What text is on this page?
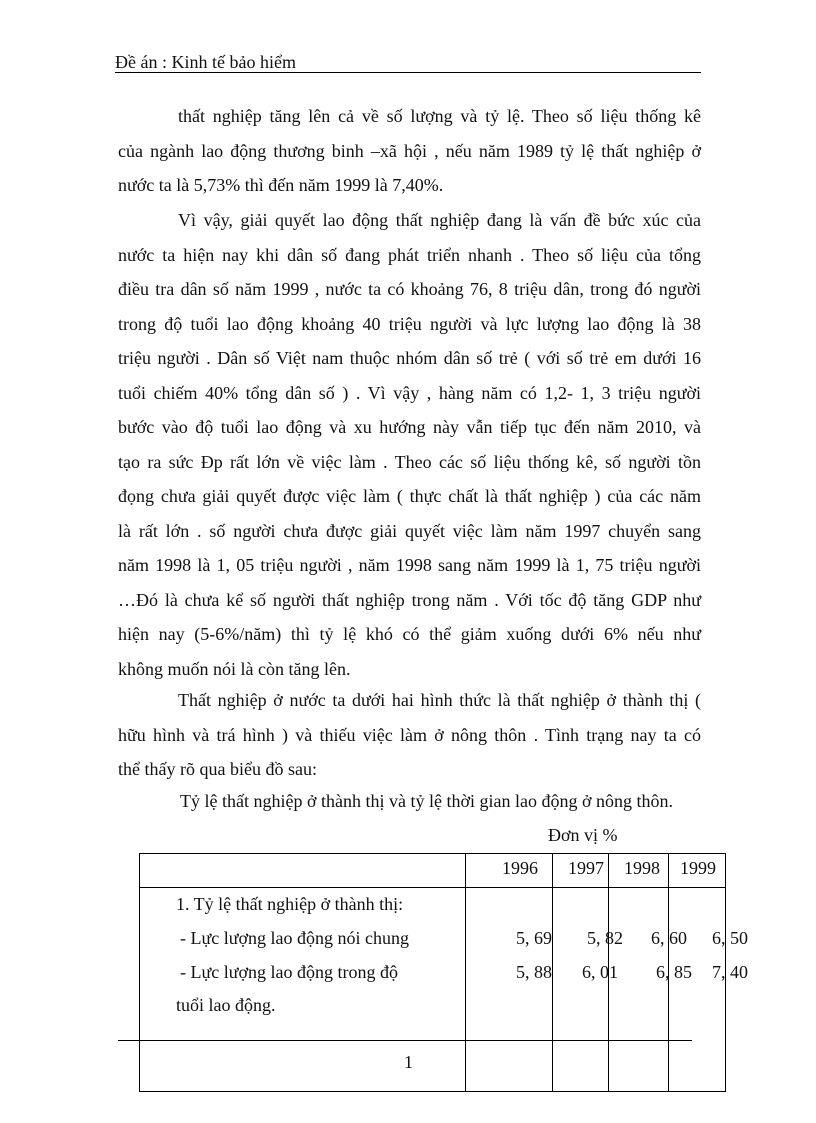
Đề án : Kinh tế bảo hiểm
thất nghiệp tăng lên cả về số lượng và tỷ lệ. Theo số liệu thống kê
của ngành lao động thương binh –xã hội , nếu năm 1989 tỷ lệ thất nghiệp ở
nước ta là 5,73% thì đến năm 1999 là 7,40%.
Vì vậy, giải quyết lao động thất nghiệp đang là vấn đề bức xúc của
nước ta hiện nay khi dân số đang phát triển nhanh . Theo số liệu của tổng
điều tra dân số năm 1999 , nước ta có khoảng 76, 8 triệu dân, trong đó người
trong độ tuổi lao động khoảng 40 triệu người và lực lượng lao động là 38
triệu người . Dân số Việt nam thuộc nhóm dân số trẻ ( với số trẻ em dưới 16
tuổi chiếm 40% tổng dân số ) . Vì vậy , hàng năm có 1,2- 1, 3 triệu người
bước vào độ tuổi lao động và xu hướng này vẫn tiếp tục đến năm 2010, và
tạo ra sức Đp rất lớn về việc làm . Theo các số liệu thống kê, số người tồn
đọng chưa giải quyết được việc làm ( thực chất là thất nghiệp ) của các năm
là rất lớn . số người chưa được giải quyết việc làm năm 1997 chuyển sang
năm 1998 là 1, 05 triệu người , năm 1998 sang năm 1999 là 1, 75 triệu người
…Đó là chưa kể số người thất nghiệp trong năm . Với tốc độ tăng GDP như
hiện nay (5-6%/năm) thì tỷ lệ khó có thể giảm xuống dưới 6% nếu như
không muốn nói là còn tăng lên.
Thất nghiệp ở nước ta dưới hai hình thức là thất nghiệp ở thành thị (
hữu hình và trá hình ) và thiếu việc làm ở nông thôn . Tình trạng nay ta có
thể thấy rõ qua biểu đồ sau:
Tỷ lệ thất nghiệp ở thành thị và tỷ lệ thời gian lao động ở nông thôn.
Đơn vị %
1996 1997 1998 1999
1. Tỷ lệ thất nghiệp ở thành thị:
- Lực lượng lao động nói chung
- Lực lượng lao động trong độ
tuổi lao động.
5, 69 5, 82 6, 60 6, 50
5, 88 6, 01 6, 85 7, 40
1
